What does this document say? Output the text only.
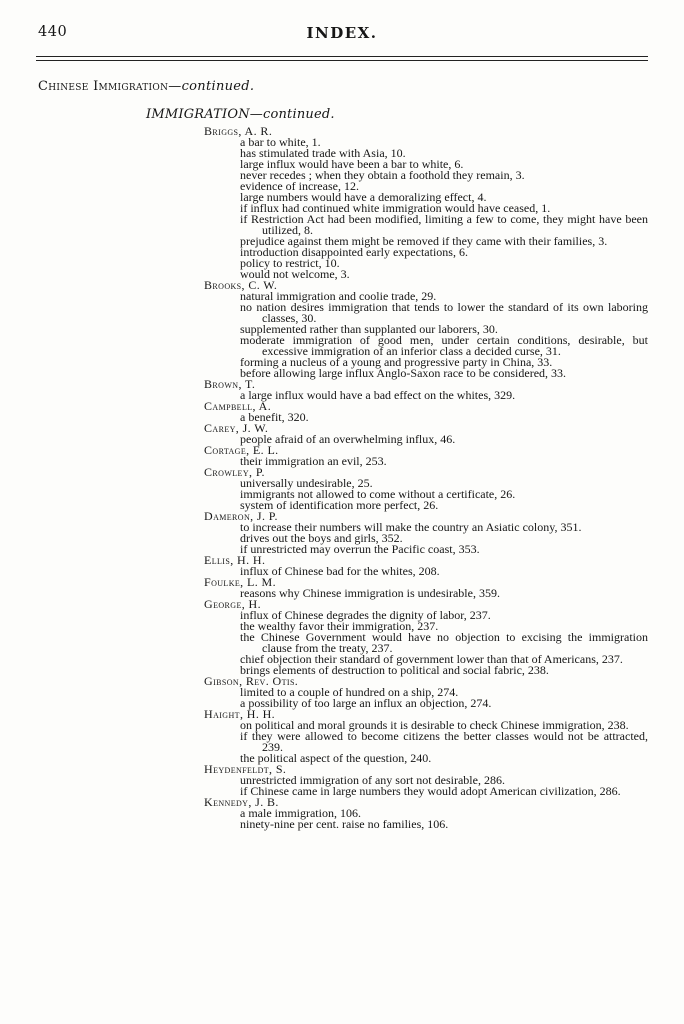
440	INDEX.
Chinese Immigration—continued.
IMMIGRATION—continued.
Briggs, A. R.
a bar to white, 1.
has stimulated trade with Asia, 10.
large influx would have been a bar to white, 6.
never recedes ; when they obtain a foothold they remain, 3.
evidence of increase, 12.
large numbers would have a demoralizing effect, 4.
if influx had continued white immigration would have ceased, 1.
if Restriction Act had been modified, limiting a few to come, they might have been utilized, 8.
prejudice against them might be removed if they came with their families, 3.
introduction disappointed early expectations, 6.
policy to restrict, 10.
would not welcome, 3.
Brooks, C. W.
natural immigration and coolie trade, 29.
no nation desires immigration that tends to lower the standard of its own laboring classes, 30.
supplemented rather than supplanted our laborers, 30.
moderate immigration of good men, under certain conditions, desirable, but excessive immigration of an inferior class a decided curse, 31.
forming a nucleus of a young and progressive party in China, 33.
before allowing large influx Anglo-Saxon race to be considered, 33.
Brown, T.
a large influx would have a bad effect on the whites, 329.
Campbell, A.
a benefit, 320.
Carey, J. W.
people afraid of an overwhelming influx, 46.
Cortage, E. L.
their immigration an evil, 253.
Crowley, P.
universally undesirable, 25.
immigrants not allowed to come without a certificate, 26.
system of identification more perfect, 26.
Dameron, J. P.
to increase their numbers will make the country an Asiatic colony, 351.
drives out the boys and girls, 352.
if unrestricted may overrun the Pacific coast, 353.
Ellis, H. H.
influx of Chinese bad for the whites, 208.
Foulke, L. M.
reasons why Chinese immigration is undesirable, 359.
George, H.
influx of Chinese degrades the dignity of labor, 237.
the wealthy favor their immigration, 237.
the Chinese Government would have no objection to excising the immigration clause from the treaty, 237.
chief objection their standard of government lower than that of Americans, 237.
brings elements of destruction to political and social fabric, 238.
Gibson, Rev. Otis.
limited to a couple of hundred on a ship, 274.
a possibility of too large an influx an objection, 274.
Haight, H. H.
on political and moral grounds it is desirable to check Chinese immigration, 238.
if they were allowed to become citizens the better classes would not be attracted, 239.
the political aspect of the question, 240.
Heydenfeldt, S.
unrestricted immigration of any sort not desirable, 286.
if Chinese came in large numbers they would adopt American civilization, 286.
Kennedy, J. B.
a male immigration, 106.
ninety-nine per cent. raise no families, 106.
